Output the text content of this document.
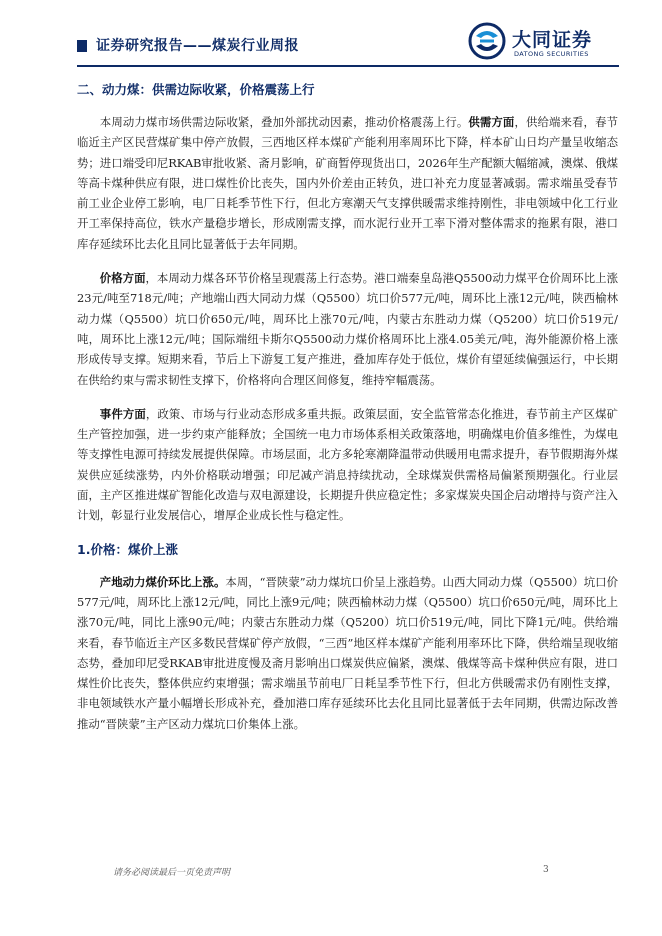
证券研究报告——煤炭行业周报	大同证券
DATONG SECURITIES
二、动力煤：供需边际收紧，价格震荡上行

本周动力煤市场供需边际收紧，叠加外部扰动因素，推动价格震荡上行。供需方面，供给端来看，春节临近主产区民营煤矿集中停产放假，三西地区样本煤矿产能利用率周环比下降，样本矿山日均产量呈收缩态势；进口端受印尼RKAB审批收紧、斋月影响，矿商暂停现货出口，2026年生产配额大幅缩减，澳煤、俄煤等高卡煤种供应有限，进口煤性价比丧失，国内外价差由正转负，进口补充力度显著减弱。需求端虽受春节前工业企业停工影响，电厂日耗季节性下行，但北方寒潮天气支撑供暖需求维持刚性，非电领域中化工行业开工率保持高位，铁水产量稳步增长，形成刚需支撑，而水泥行业开工率下滑对整体需求的拖累有限，港口库存延续环比去化且同比显著低于去年同期。

价格方面，本周动力煤各环节价格呈现震荡上行态势。港口端秦皇岛港Q5500动力煤平仓价周环比上涨23元/吨至718元/吨；产地端山西大同动力煤（Q5500）坑口价577元/吨，周环比上涨12元/吨，陕西榆林动力煤（Q5500）坑口价650元/吨，周环比上涨70元/吨，内蒙古东胜动力煤（Q5200）坑口价519元/吨，周环比上涨12元/吨；国际端纽卡斯尔Q5500动力煤价格周环比上涨4.05美元/吨，海外能源价格上涨形成传导支撑。短期来看，节后上下游复工复产推进，叠加库存处于低位，煤价有望延续偏强运行，中长期在供给约束与需求韧性支撑下，价格将向合理区间修复，维持窄幅震荡。

事件方面，政策、市场与行业动态形成多重共振。政策层面，安全监管常态化推进，春节前主产区煤矿生产管控加强，进一步约束产能释放；全国统一电力市场体系相关政策落地，明确煤电价值多维性，为煤电等支撑性电源可持续发展提供保障。市场层面，北方多轮寒潮降温带动供暖用电需求提升，春节假期海外煤炭供应延续涨势，内外价格联动增强；印尼减产消息持续扰动，全球煤炭供需格局偏紧预期强化。行业层面，主产区推进煤矿智能化改造与双电源建设，长期提升供应稳定性；多家煤炭央国企启动增持与资产注入计划，彰显行业发展信心，增厚企业成长性与稳定性。

1.价格：煤价上涨

产地动力煤价环比上涨。本周，“晋陕蒙”动力煤坑口价呈上涨趋势。山西大同动力煤（Q5500）坑口价577元/吨，周环比上涨12元/吨，同比上涨9元/吨；陕西榆林动力煤（Q5500）坑口价650元/吨，周环比上涨70元/吨，同比上涨90元/吨；内蒙古东胜动力煤（Q5200）坑口价519元/吨，同比下降1元/吨。供给端来看，春节临近主产区多数民营煤矿停产放假，“三西”地区样本煤矿产能利用率环比下降，供给端呈现收缩态势，叠加印尼受RKAB审批进度慢及斋月影响出口煤炭供应偏紧，澳煤、俄煤等高卡煤种供应有限，进口煤性价比丧失，整体供应约束增强；需求端虽节前电厂日耗呈季节性下行，但北方供暖需求仍有刚性支撑，非电领域铁水产量小幅增长形成补充，叠加港口库存延续环比去化且同比显著低于去年同期，供需边际改善推动“晋陕蒙”主产区动力煤坑口价集体上涨。

请务必阅读最后一页免责声明	3
